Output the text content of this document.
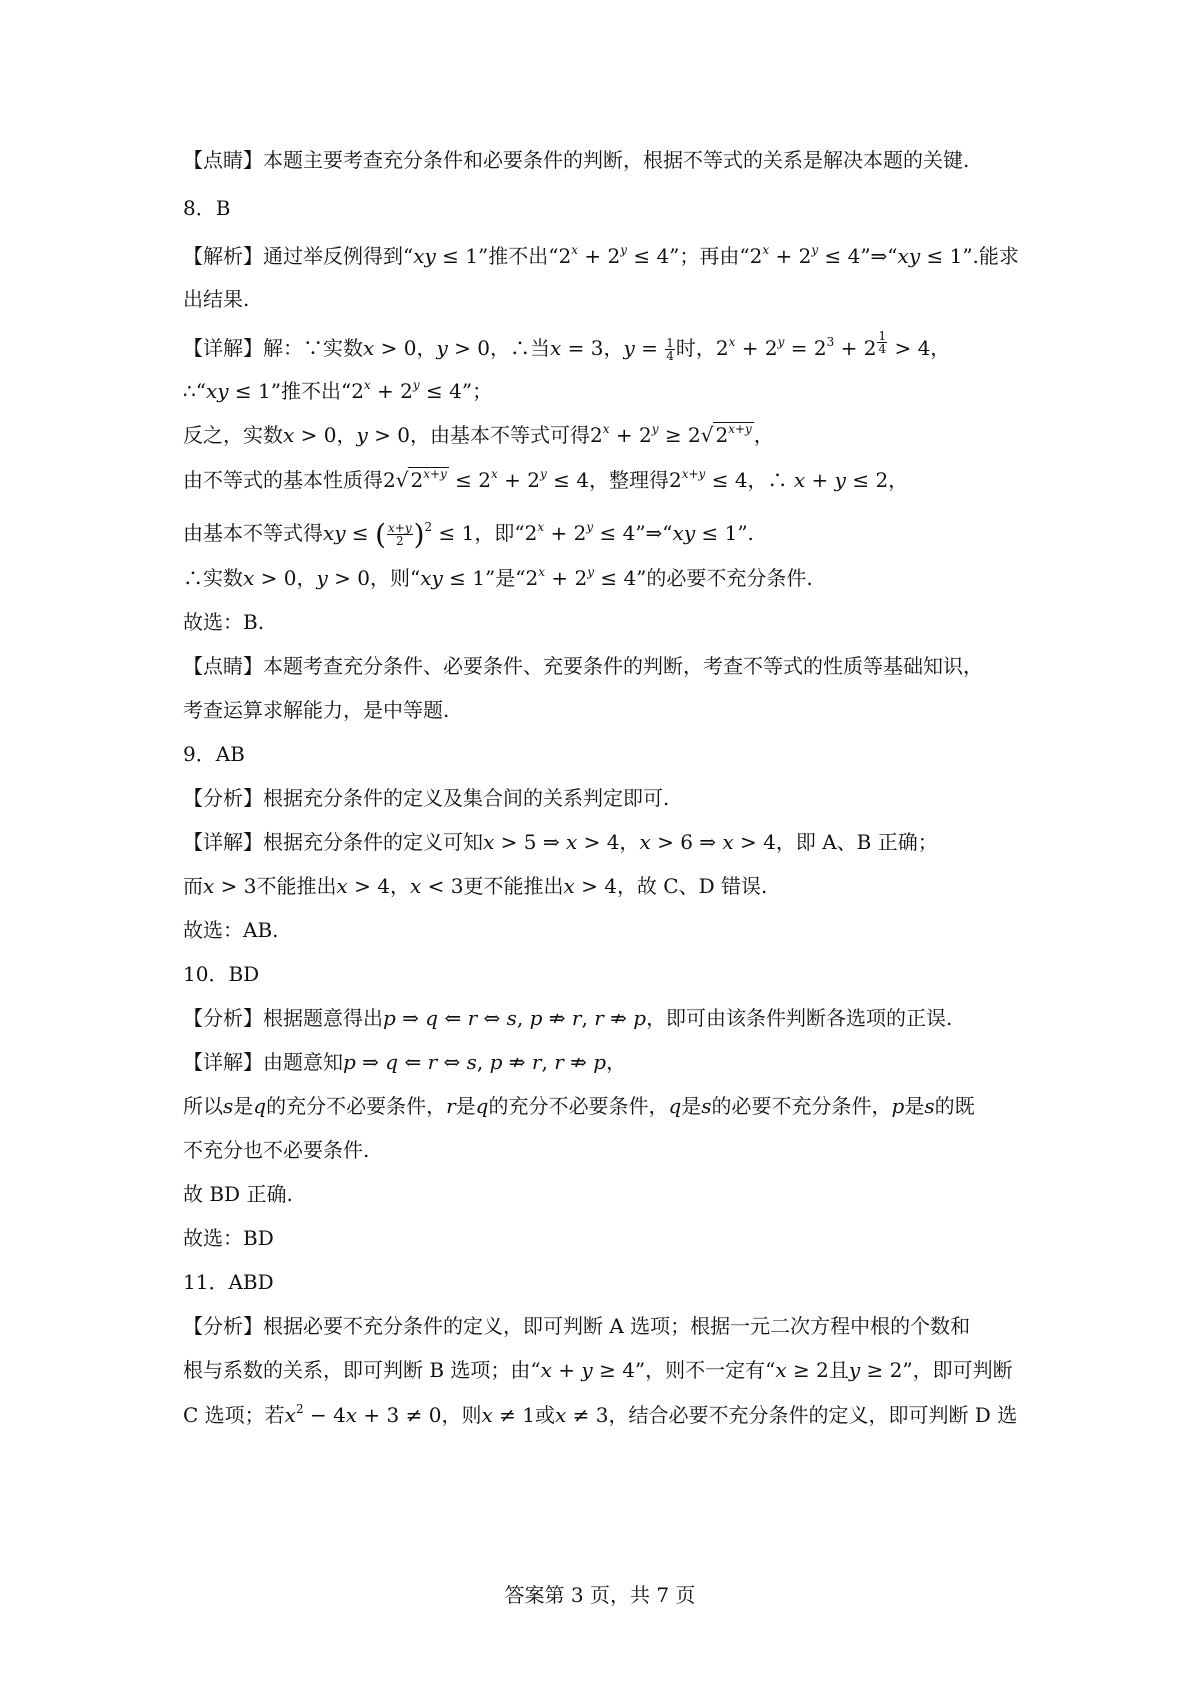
【点睛】本题主要考查充分条件和必要条件的判断，根据不等式的关系是解决本题的关键.
8．B
【解析】通过举反例得到“xy ≤ 1”推不出“$2^x + 2^y \le 4$”；再由“$2^x + 2^y$ ≤ 4”⇒“xy ≤ 1”.能求
出结果.
【详解】解：∵实数x > 0，y > 0，∴当x = 3，$y = \frac{1}{4}$ 时，$2^x + 2^y = 2^3 + 2$ $^{\frac{1}{4}}$ > 4，
∴“xy ≤ 1”推不出“$2^x + 2^y \le 4$”；
反之，实数x > 0，y > 0，由基本不等式可得$2^x + 2^y \ge 2√$ $2^{x+y}$ ，
由不等式的基本性质得2√ $2^{x+y} \le 2^x + 2^y \le 4$，整理得$2^{x+y} \le 4$，∴ x + y ≤ 2，
由基本不等式得xy ≤ ( $\frac{x+y}{2} )^2 \le 1$，即“$2^x + 2^y$ ≤ 4”⇒“xy ≤ 1”.
∴实数x > 0，y > 0，则“xy ≤ 1”是“$2^x + 2^y \le 4$”的必要不充分条件.
故选：B.
【点睛】本题考查充分条件、必要条件、充要条件的判断，考查不等式的性质等基础知识，
考查运算求解能力，是中等题.
9．AB
【分析】根据充分条件的定义及集合间的关系判定即可.
【详解】根据充分条件的定义可知x > 5 ⇒ x > 4，x > 6 ⇒ x > 4，即 A、B 正确；
而x > 3不能推出x > 4，x < 3更不能推出x > 4，故 C、D 错误.
故选：AB.
10．BD
【分析】根据题意得出p ⇒ q ⇐ r ⇔ s, p ⇏ r, r ⇏ p，即可由该条件判断各选项的正误.
【详解】由题意知p ⇒ q ⇐ r ⇔ s, p ⇏ r, r ⇏ p，
所以s是q的充分不必要条件，r是q的充分不必要条件，q是s的必要不充分条件，p是s的既
不充分也不必要条件.
故 BD 正确.
故选：BD
11．ABD
【分析】根据必要不充分条件的定义，即可判断 A 选项；根据一元二次方程中根的个数和
根与系数的关系，即可判断 B 选项；由“x + y ≥ 4”，则不一定有“x ≥ 2且y ≥ 2”，即可判断
C 选项；若$x^2 - 4x + 3 \ne 0$，则x ≠ 1或x ≠ 3，结合必要不充分条件的定义，即可判断 D 选
答案第 3 页，共 7 页
